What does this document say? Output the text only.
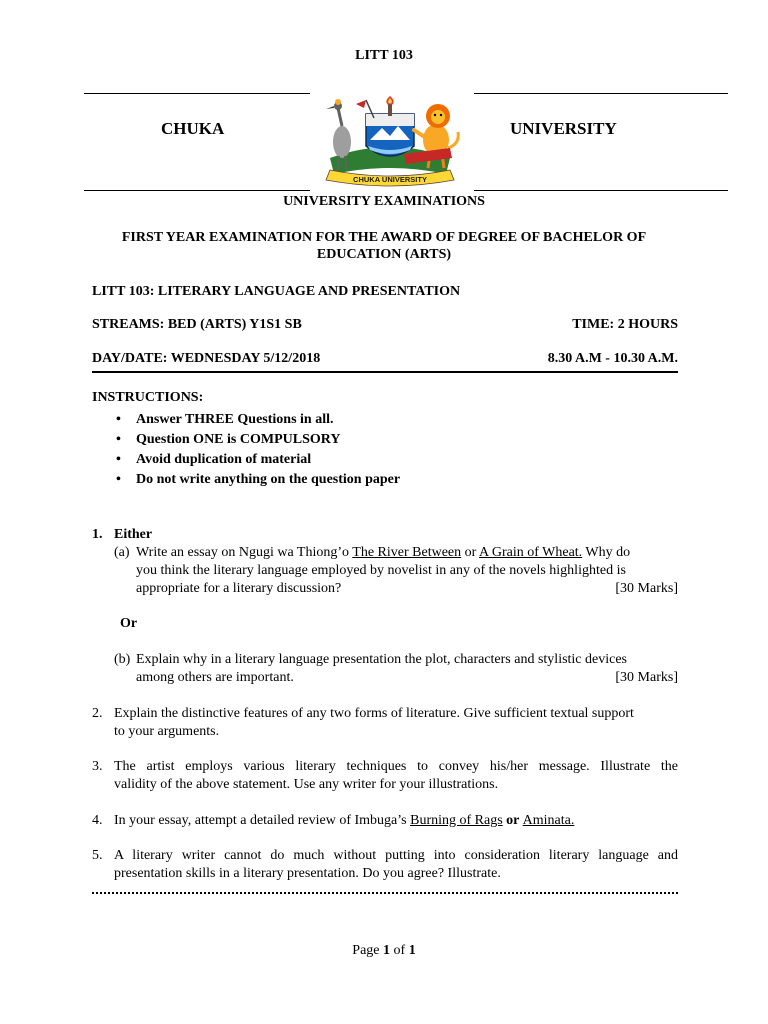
LITT 103
CHUKA	UNIVERSITY
CHUKA UNIVERSITY
UNIVERSITY EXAMINATIONS
FIRST YEAR EXAMINATION FOR THE AWARD OF DEGREE OF BACHELOR OF
EDUCATION (ARTS)
LITT 103: LITERARY LANGUAGE AND PRESENTATION
STREAMS: BED (ARTS) Y1S1 SB	TIME: 2 HOURS
DAY/DATE: WEDNESDAY 5/12/2018	8.30 A.M - 10.30 A.M.
INSTRUCTIONS:
• Answer THREE Questions in all.
• Question ONE is COMPULSORY
• Avoid duplication of material
• Do not write anything on the question paper
1. Either
(a) Write an essay on Ngugi wa Thiong’o The River Between or A Grain of Wheat. Why do
you think the literary language employed by novelist in any of the novels highlighted is
appropriate for a literary discussion?	[30 Marks]
Or
(b) Explain why in a literary language presentation the plot, characters and stylistic devices
among others are important.	[30 Marks]
2. Explain the distinctive features of any two forms of literature. Give sufficient textual support
to your arguments.
3. The artist employs various literary techniques to convey his/her message. Illustrate the
validity of the above statement. Use any writer for your illustrations.
4. In your essay, attempt a detailed review of Imbuga’s Burning of Rags or Aminata.
5. A literary writer cannot do much without putting into consideration literary language and
presentation skills in a literary presentation. Do you agree? Illustrate.
Page 1 of 1
